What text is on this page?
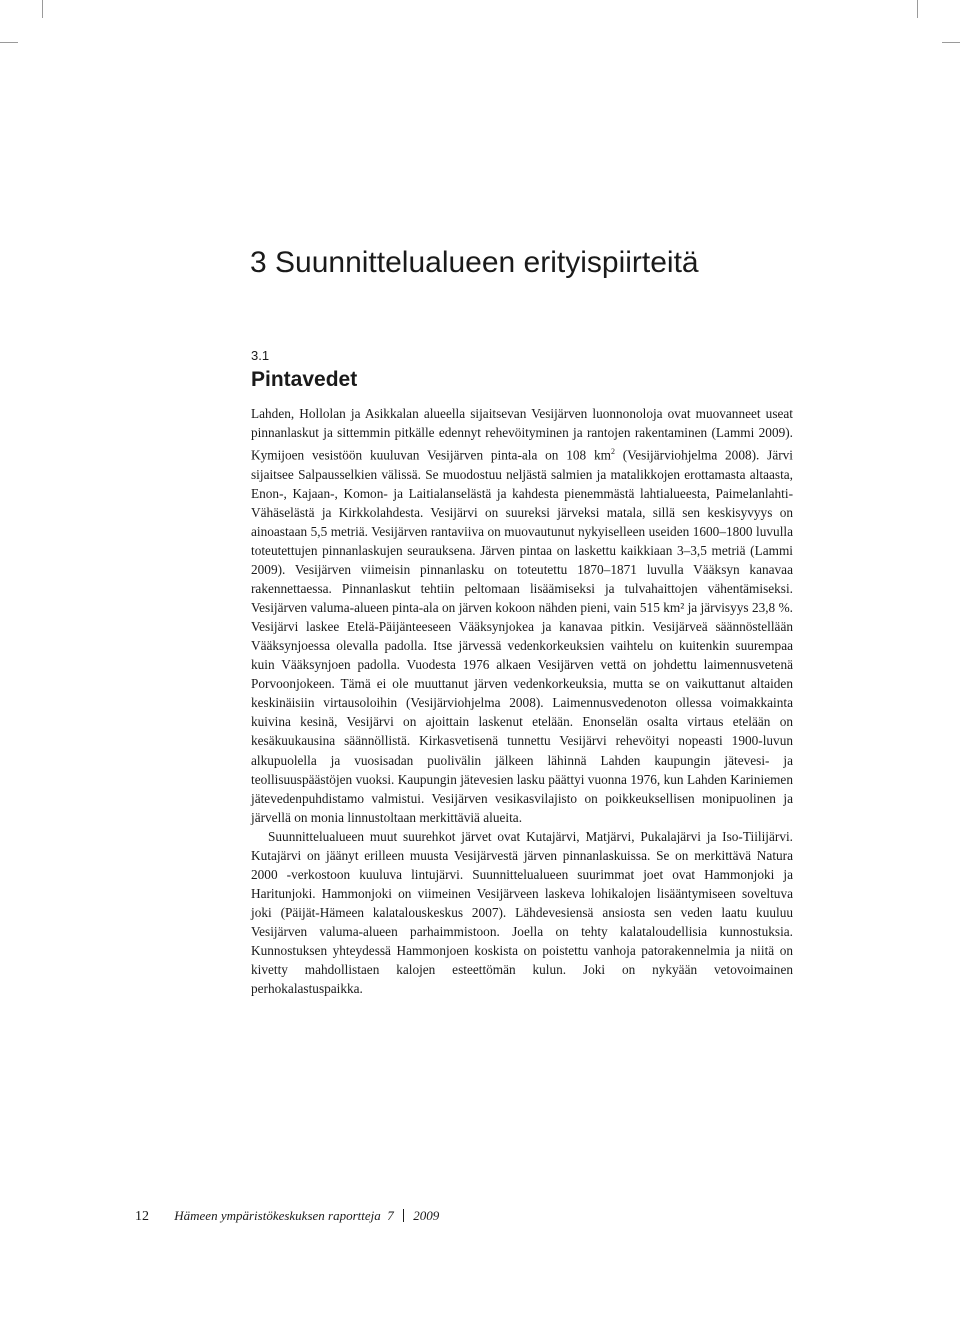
3 Suunnittelualueen erityispiirteitä
3.1
Pintavedet

Lahden, Hollolan ja Asikkalan alueella sijaitsevan Vesijärven luonnonoloja ovat muovanneet useat pinnanlaskut ja sittemmin pitkälle edennyt rehevöityminen ja rantojen rakentaminen (Lammi 2009). Kymijoen vesistöön kuuluvan Vesijärven pinta-ala on 108 $km^2$ (Vesijärviohjelma 2008). Järvi sijaitsee Salpausselkien välissä. Se muodostuu neljästä salmien ja matalikkojen erottamasta altaasta, Enon-, Kajaan-, Komon- ja Laitialanselästä ja kahdesta pienemmästä lahtialueesta, Paimelanlahti-Vähäselästä ja Kirkkolahdesta. Vesijärvi on suureksi järveksi matala, sillä sen keskisyvyys on ainoastaan 5,5 metriä. Vesijärven rantaviiva on muovautunut nykyiselleen useiden 1600–1800 luvulla toteutettujen pinnanlaskujen seurauksena. Järven pintaa on laskettu kaikkiaan 3–3,5 metriä (Lammi 2009). Vesijärven viimeisin pinnanlasku on toteutettu 1870–1871 luvulla Vääksyn kanavaa rakennettaessa. Pinnanlaskut tehtiin peltomaan lisäämiseksi ja tulvahaittojen vähentämiseksi. Vesijärven valuma-alueen pinta-ala on järven kokoon nähden pieni, vain 515 km² ja järvisyys 23,8 %. Vesijärvi laskee Etelä-Päijänteeseen Vääksynjokea ja kanavaa pitkin. Vesijärveä säännöstellään Vääksynjoessa olevalla padolla. Itse järvessä vedenkorkeuksien vaihtelu on kuitenkin suurempaa kuin Vääksynjoen padolla. Vuodesta 1976 alkaen Vesijärven vettä on johdettu laimennusvetenä Porvoonjokeen. Tämä ei ole muuttanut järven vedenkorkeuksia, mutta se on vaikuttanut altaiden keskinäisiin virtausoloihin (Vesijärviohjelma 2008). Laimennusvedenoton ollessa voimakkainta kuivina kesinä, Vesijärvi on ajoittain laskenut etelään. Enonselän osalta virtaus etelään on kesäkuukausina säännöllistä. Kirkasvetisenä tunnettu Vesijärvi rehevöityi nopeasti 1900-luvun alkupuolella ja vuosisadan puolivälin jälkeen lähinnä Lahden kaupungin jätevesi- ja teollisuuspäästöjen vuoksi. Kaupungin jätevesien lasku päättyi vuonna 1976, kun Lahden Kariniemen jätevedenpuhdistamo valmistui. Vesijärven vesikasvilajisto on poikkeuksellisen monipuolinen ja järvellä on monia linnustoltaan merkittäviä alueita.

Suunnittelualueen muut suurehkot järvet ovat Kutajärvi, Matjärvi, Pukalajärvi ja Iso-Tiilijärvi. Kutajärvi on jäänyt erilleen muusta Vesijärvestä järven pinnanlaskuissa. Se on merkittävä Natura 2000 -verkostoon kuuluva lintujärvi. Suunnittelualueen suurimmat joet ovat Hammonjoki ja Haritunjoki. Hammonjoki on viimeinen Vesijärveen laskeva lohikalojen lisääntymiseen soveltuva joki (Päijät-Hämeen kalatalouskeskus 2007). Lähdevesiensä ansiosta sen veden laatu kuuluu Vesijärven valuma-alueen parhaimmistoon. Joella on tehty kalataloudellisia kunnostuksia. Kunnostuksen yhteydessä Hammonjoen koskista on poistettu vanhoja patorakennelmia ja niitä on kivetty mahdollistaen kalojen esteettömän kulun. Joki on nykyään vetovoimainen perhokalastuspaikka.

12 Hämeen ympäristökeskuksen raportteja 7 2009
